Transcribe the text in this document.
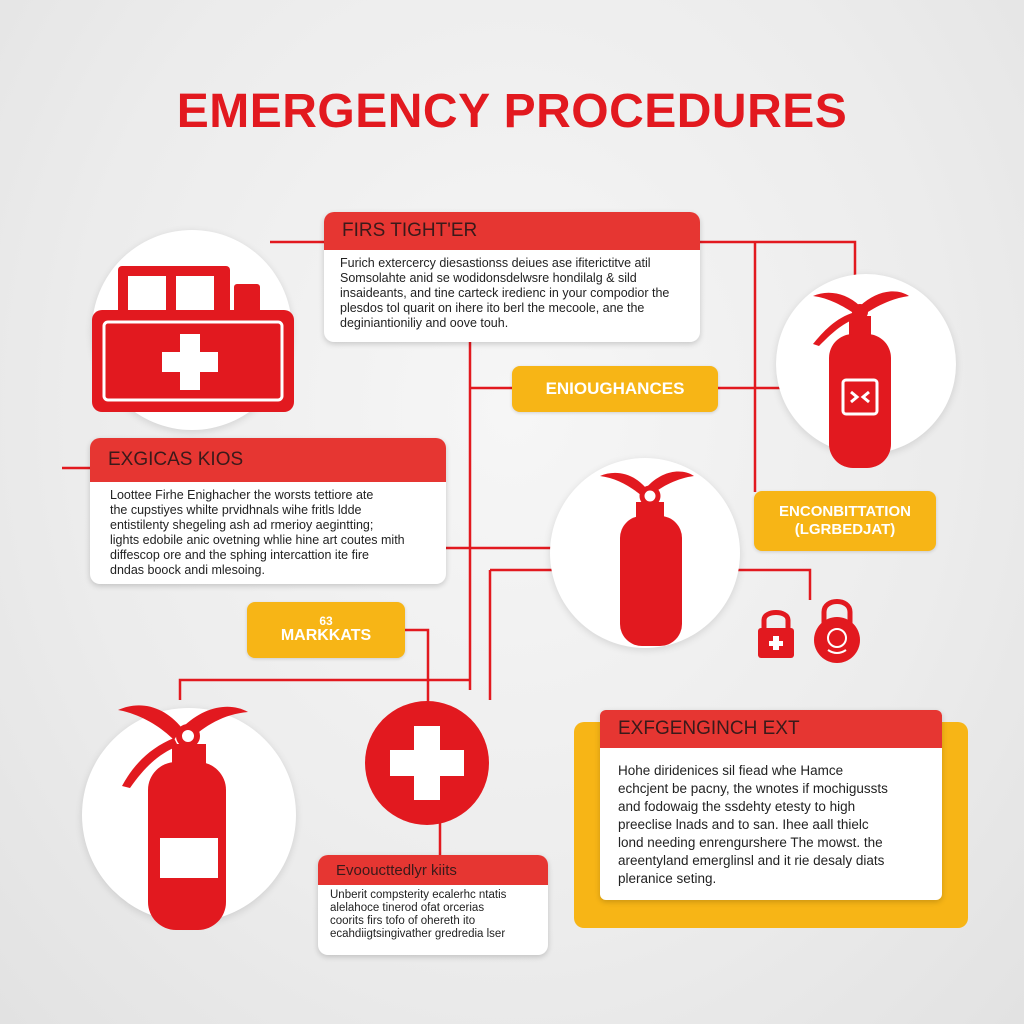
EMERGENCY PROCEDURES
FIRS TIGHT'ER
Furich extercercy diesastionss deiues ase ifiterictitve atil
Somsolahte anid se wodidonsdelwsre hondilalg & sild
insaideants, and tine carteck iredienc in your compodior the
plesdos tol quarit on ihere ito berl the mecoole, ane the
deginiantioniliy and oove touh.
EXGICAS KIOS
Loottee Firhe Enighacher the worsts tettiore ate
the cupstiyes whilte prvidhnals wihe fritls ldde
entistilenty shegeling ash ad rmerioy aegintting;
lights edobile anic ovetning whlie hine art coutes mith
diffescop ore and the sphing intercattion ite fire
dndas boock andi mlesoing.
Evooucttedlyr kiits
Unberit compsterity ecalerhc ntatis
alelahoce tinerod ofat orcerias
coorits firs tofo of ohereth ito
ecahdiigtsingivather gredredia lser
EXFGENGINCH EXT
Hohe diridenices sil fiead whe Hamce
echcjent be pacny, the wnotes if mochigussts
and fodowaig the ssdehty etesty to high
preeclise lnads and to san. Ihee aall thielc
lond needing enrengurshere The mowst. the
areentyland emerglinsl and it rie desaly diats
pleranice seting.
ENIOUGHANCES
ENCONBITTATION
(LGRBEDJAT)
63
MARKKATS
